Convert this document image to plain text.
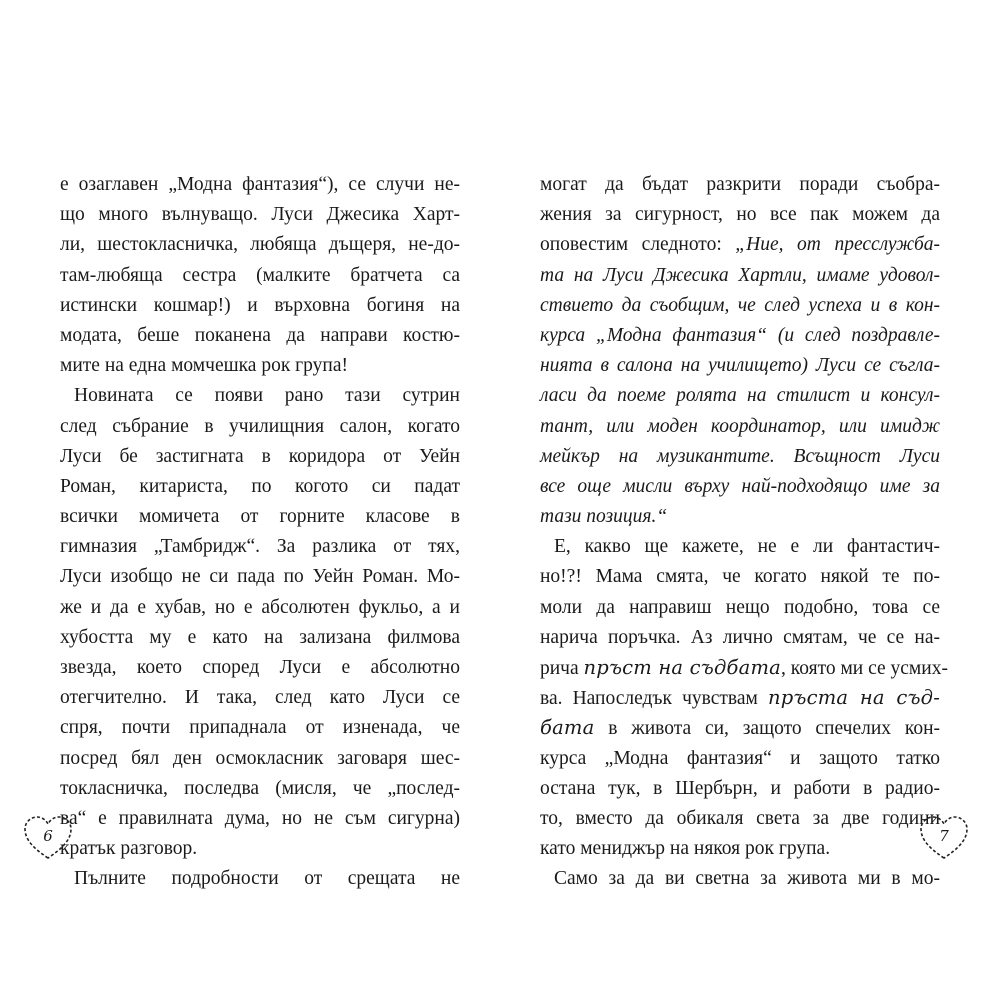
е озаглавен „Модна фантазия“), се случи не-
що много вълнуващо. Луси Джесика Харт-
ли, шестокласничка, любяща дъщеря, не-до-
там-любяща сестра (малките братчета са
истински кошмар!) и върховна богиня на
модата, беше поканена да направи костю-
мите на една момчешка рок група!
Новината се появи рано тази сутрин
след събрание в училищния салон, когато
Луси бе застигната в коридора от Уейн
Роман, китариста, по когото си падат
всички момичета от горните класове в
гимназия „Тамбридж“. За разлика от тях,
Луси изобщо не си пада по Уейн Роман. Мо-
же и да е хубав, но е абсолютен фукльо, а и
хубостта му е като на зализана филмова
звезда, което според Луси е абсолютно
отегчително. И така, след като Луси се
спря, почти припаднала от изненада, че
посред бял ден осмокласник заговаря шес-
токласничка, последва (мисля, че „послед-
ва“ е правилната дума, но не съм сигурна)
кратък разговор.
Пълните подробности от срещата не
могат да бъдат разкрити поради съобра-
жения за сигурност, но все пак можем да
оповестим следното: „Ние, от пресслужба-
та на Луси Джесика Хартли, имаме удовол-
ствието да съобщим, че след успеха и в кон-
курса „Модна фантазия“ (и след поздравле-
нията в салона на училището) Луси се съгла-
ласи да поеме ролята на стилист и консул-
тант, или моден координатор, или имидж
мейкър на музикантите. Всъщност Луси
все още мисли върху най-подходящо име за
тази позиция.“
Е, какво ще кажете, не е ли фантастич-
но!?! Мама смята, че когато някой те по-
моли да направиш нещо подобно, това се
нарича поръчка. Аз лично смятам, че се на-
рича пръст на съдбата, която ми се усмих-
ва. Напоследък чувствам пръста на съд-
бата в живота си, защото спечелих кон-
курса „Модна фантазия“ и защото татко
остана тук, в Шербърн, и работи в радио-
то, вместо да обикаля света за две години
като мениджър на някоя рок група.
Само за да ви светна за живота ми в мо-
6	7
